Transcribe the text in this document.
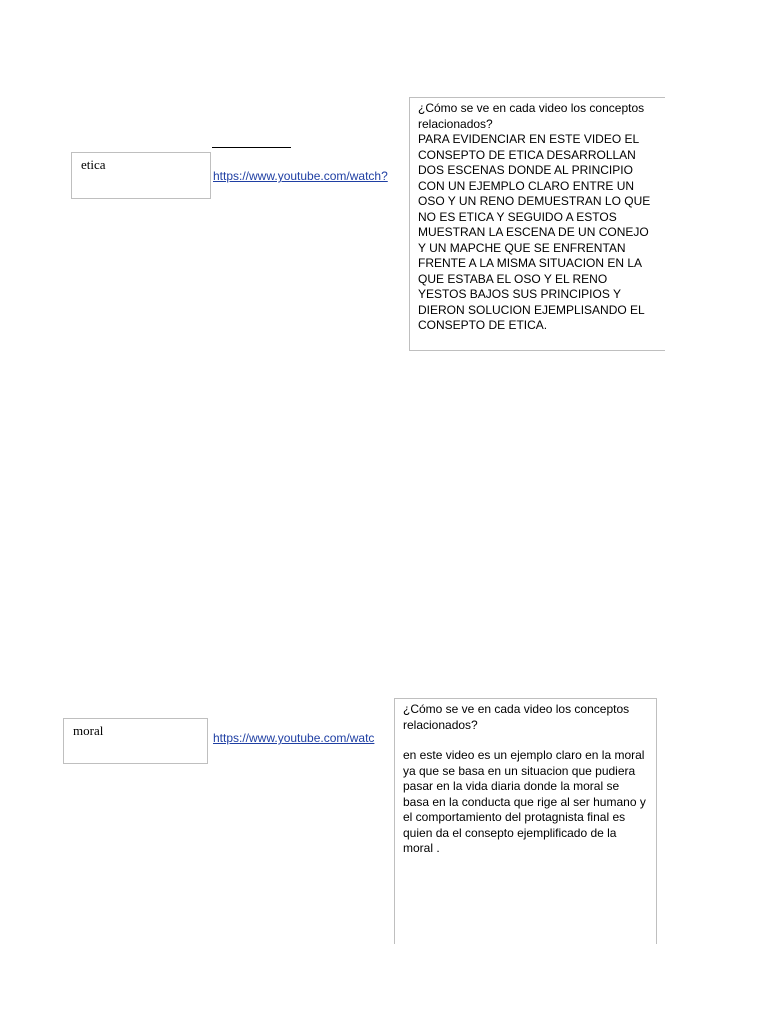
etica
https://www.youtube.com/watch?

¿Cómo se ve en cada video los conceptos relacionados?

PARA EVIDENCIAR EN ESTE VIDEO EL CONSEPTO DE ETICA DESARROLLAN DOS ESCENAS DONDE AL PRINCIPIO CON UN EJEMPLO CLARO ENTRE UN OSO Y UN RENO DEMUESTRAN LO QUE NO ES ETICA Y SEGUIDO A ESTOS MUESTRAN LA ESCENA DE UN CONEJO Y UN MAPCHE QUE SE ENFRENTAN FRENTE A LA MISMA SITUACION EN LA QUE ESTABA EL OSO Y EL RENO YESTOS BAJOS SUS PRINCIPIOS Y DIERON SOLUCION EJEMPLISANDO EL CONSEPTO DE ETICA.

moral	https://www.youtube.com/watc

¿Cómo se ve en cada video los conceptos relacionados?

en este video es un ejemplo claro en la moral ya que se basa en un situacion que pudiera pasar en la vida diaria donde la moral se basa en la conducta que rige al ser humano y el comportamiento del protagnista final es quien da el consepto ejemplificado de la moral .
